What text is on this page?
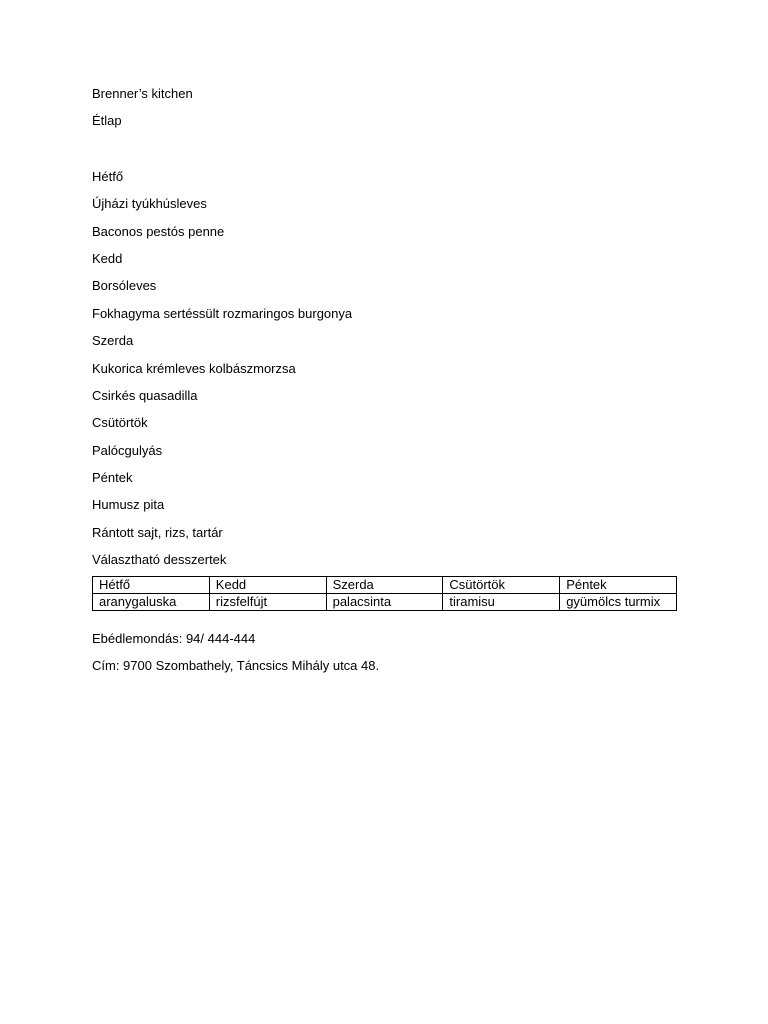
Brenner’s kitchen
Étlap
Hétfő
Újházi tyúkhúsleves
Baconos pestós penne
Kedd
Borsóleves
Fokhagyma sertéssült rozmaringos burgonya
Szerda
Kukorica krémleves kolbászmorzsa
Csirkés quasadilla
Csütörtök
Palócgulyás
Péntek
Humusz pita
Rántott sajt, rizs, tartár
Választható desszertek
Hétfő	Kedd	Szerda	Csütörtök	Péntek
aranygaluska	rizsfelfújt	palacsinta	tiramisu	gyümölcs turmix
Ebédlemondás: 94/ 444-444
Cím: 9700 Szombathely, Táncsics Mihály utca 48.
